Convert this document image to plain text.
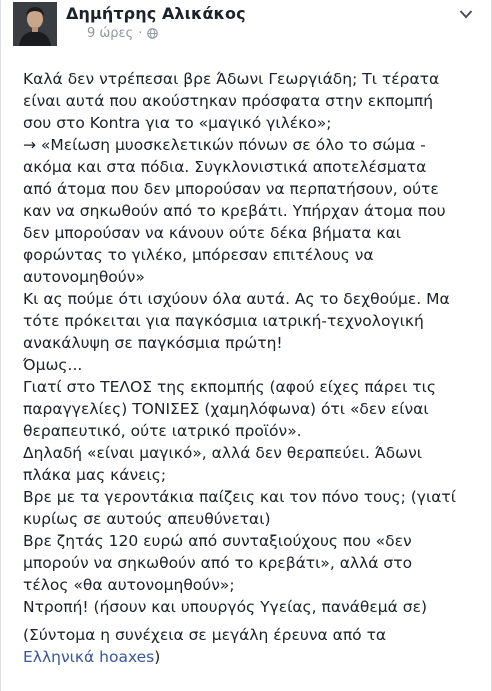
Δημήτρης Αλικάκος
9 ώρες ·

Καλά δεν ντρέπεσαι βρε Άδωνι Γεωργιάδη; Τι τέρατα

είναι αυτά που ακούστηκαν πρόσφατα στην εκπομπή

σου στο Kontra για το «μαγικό γιλέκο»;

→ «Μείωση μυοσκελετικών πόνων σε όλο το σώμα -

ακόμα και στα πόδια. Συγκλονιστικά αποτελέσματα

από άτομα που δεν μπορούσαν να περπατήσουν, ούτε

καν να σηκωθούν από το κρεβάτι. Υπήρχαν άτομα που

δεν μπορούσαν να κάνουν ούτε δέκα βήματα και

φορώντας το γιλέκο, μπόρεσαν επιτέλους να

αυτονομηθούν»

Κι ας πούμε ότι ισχύουν όλα αυτά. Ας το δεχθούμε. Μα

τότε πρόκειται για παγκόσμια ιατρική-τεχνολογική

ανακάλυψη σε παγκόσμια πρώτη!

Όμως...

Γιατί στο ΤΕΛΟΣ της εκπομπής (αφού είχες πάρει τις

παραγγελίες) ΤΟΝΙΣΕΣ (χαμηλόφωνα) ότι «δεν είναι

θεραπευτικό, ούτε ιατρικό προϊόν».

Δηλαδή «είναι μαγικό», αλλά δεν θεραπεύει. Άδωνι

πλάκα μας κάνεις;

Βρε με τα γεροντάκια παίζεις και τον πόνο τους; (γιατί

κυρίως σε αυτούς απευθύνεται)

Βρε ζητάς 120 ευρώ από συνταξιούχους που «δεν

μπορούν να σηκωθούν από το κρεβάτι», αλλά στο

τέλος «θα αυτονομηθούν»;

Ντροπή! (ήσουν και υπουργός Υγείας, πανάθεμά σε)

(Σύντομα η συνέχεια σε μεγάλη έρευνα από τα

Ελληνικά hoaxes)
